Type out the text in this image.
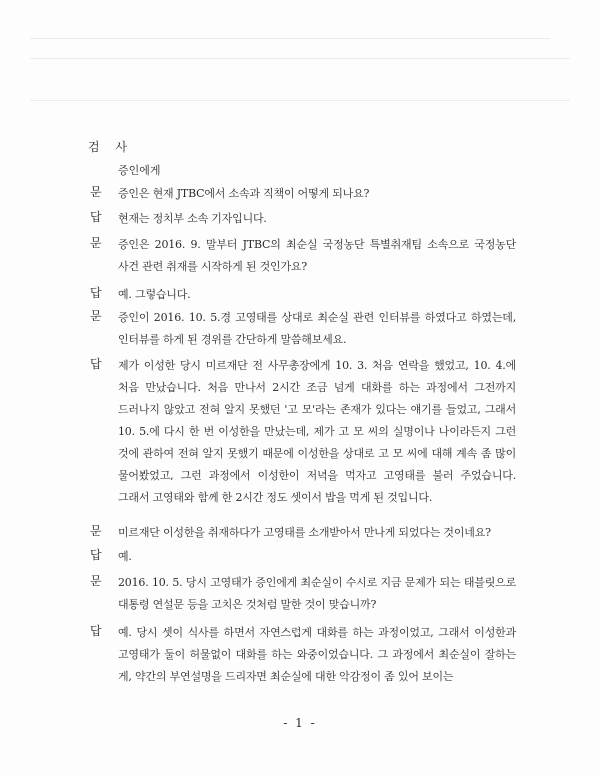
검 사
증인에게
문 증인은 현재 JTBC에서 소속과 직책이 어떻게 되나요?
답 현재는 정치부 소속 기자입니다.
문 증인은 2016. 9. 말부터 JTBC의 최순실 국정농단 특별취재팀 소속으로 국정농단 사건 관련 취재를 시작하게 된 것인가요?
답 예. 그렇습니다.
문 증인이 2016. 10. 5.경 고영태를 상대로 최순실 관련 인터뷰를 하였다고 하였는데, 인터뷰를 하게 된 경위를 간단하게 말씀해보세요.
답 제가 이성한 당시 미르재단 전 사무총장에게 10. 3. 처음 연락을 했었고, 10. 4.에 처음 만났습니다. 처음 만나서 2시간 조금 넘게 대화를 하는 과정에서 그전까지 드러나지 않았고 전혀 알지 못했던 '고 모'라는 존재가 있다는 얘기를 들었고, 그래서 10. 5.에 다시 한 번 이성한을 만났는데, 제가 고 모 씨의 실명이나 나이라든지 그런 것에 관하여 전혀 알지 못했기 때문에 이성한을 상대로 고 모 씨에 대해 계속 좀 많이 물어봤었고, 그런 과정에서 이성한이 저녁을 먹자고 고영태를 불러 주었습니다. 그래서 고영태와 함께 한 2시간 정도 셋이서 밥을 먹게 된 것입니다.
문 미르재단 이성한을 취재하다가 고영태를 소개받아서 만나게 되었다는 것이네요?
답 예.
문 2016. 10. 5. 당시 고영태가 증인에게 최순실이 수시로 지금 문제가 되는 태블릿으로 대통령 연설문 등을 고치은 것처럼 말한 것이 맞습니까?
답 예. 당시 셋이 식사를 하면서 자연스럽게 대화를 하는 과정이었고, 그래서 이성한과 고영태가 둘이 허물없이 대화를 하는 와중이었습니다. 그 과정에서 최순실이 잘하는 게, 약간의 부연설명을 드리자면 최순실에 대한 악감정이 좀 있어 보이는
- 1 -
